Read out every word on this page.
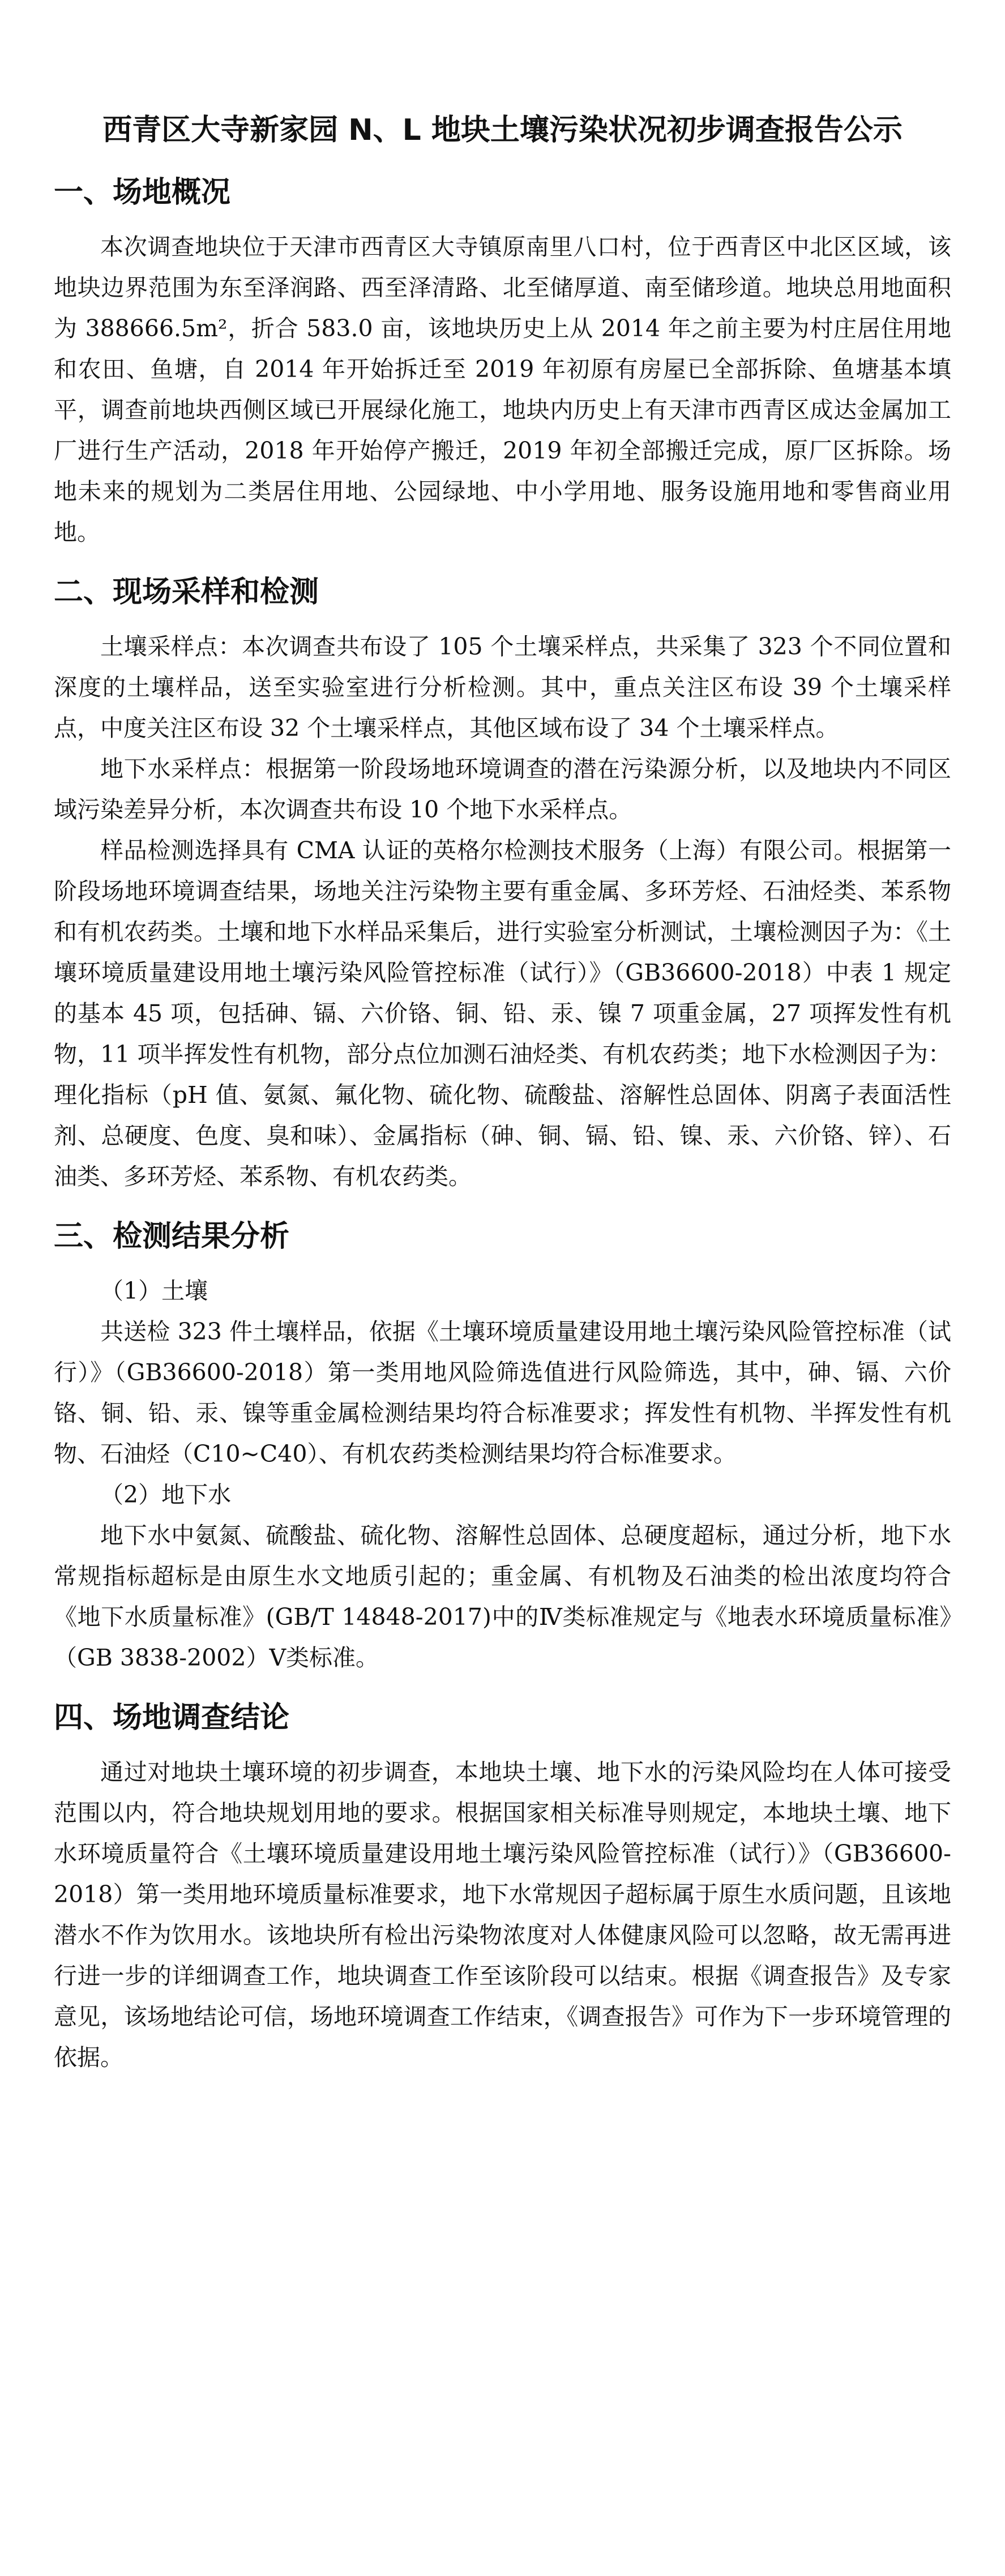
西青区大寺新家园 N、L 地块土壤污染状况初步调查报告公示
一、场地概况

本次调查地块位于天津市西青区大寺镇原南里八口村，位于西青区中北区区域，该地块边界范围为东至泽润路、西至泽清路、北至储厚道、南至储珍道。地块总用地面积为 388666.5m²，折合 583.0 亩，该地块历史上从 2014 年之前主要为村庄居住用地和农田、鱼塘，自 2014 年开始拆迁至 2019 年初原有房屋已全部拆除、鱼塘基本填平，调查前地块西侧区域已开展绿化施工，地块内历史上有天津市西青区成达金属加工厂进行生产活动，2018 年开始停产搬迁，2019 年初全部搬迁完成，原厂区拆除。场地未来的规划为二类居住用地、公园绿地、中小学用地、服务设施用地和零售商业用地。

二、现场采样和检测

土壤采样点：本次调查共布设了 105 个土壤采样点，共采集了 323 个不同位置和深度的土壤样品，送至实验室进行分析检测。其中，重点关注区布设 39 个土壤采样点，中度关注区布设 32 个土壤采样点，其他区域布设了 34 个土壤采样点。

地下水采样点：根据第一阶段场地环境调查的潜在污染源分析，以及地块内不同区域污染差异分析，本次调查共布设 10 个地下水采样点。

样品检测选择具有 CMA 认证的英格尔检测技术服务（上海）有限公司。根据第一阶段场地环境调查结果，场地关注污染物主要有重金属、多环芳烃、石油烃类、苯系物和有机农药类。土壤和地下水样品采集后，进行实验室分析测试，土壤检测因子为：《土壤环境质量建设用地土壤污染风险管控标准（试行）》（GB36600-2018）中表 1 规定的基本 45 项，包括砷、镉、六价铬、铜、铅、汞、镍 7 项重金属，27 项挥发性有机物，11 项半挥发性有机物，部分点位加测石油烃类、有机农药类；地下水检测因子为：理化指标（pH 值、氨氮、氟化物、硫化物、硫酸盐、溶解性总固体、阴离子表面活性剂、总硬度、色度、臭和味）、金属指标（砷、铜、镉、铅、镍、汞、六价铬、锌）、石油类、多环芳烃、苯系物、有机农药类。

三、检测结果分析

（1）土壤

共送检 323 件土壤样品，依据《土壤环境质量建设用地土壤污染风险管控标准（试行）》（GB36600-2018）第一类用地风险筛选值进行风险筛选，其中，砷、镉、六价铬、铜、铅、汞、镍等重金属检测结果均符合标准要求；挥发性有机物、半挥发性有机物、石油烃（C10~C40）、有机农药类检测结果均符合标准要求。

（2）地下水

地下水中氨氮、硫酸盐、硫化物、溶解性总固体、总硬度超标，通过分析，地下水常规指标超标是由原生水文地质引起的；重金属、有机物及石油类的检出浓度均符合《地下水质量标准》(GB/T 14848-2017)中的Ⅳ类标准规定与《地表水环境质量标准》（GB 3838-2002）Ⅴ类标准。

四、场地调查结论

通过对地块土壤环境的初步调查，本地块土壤、地下水的污染风险均在人体可接受范围以内，符合地块规划用地的要求。根据国家相关标准导则规定，本地块土壤、地下水环境质量符合《土壤环境质量建设用地土壤污染风险管控标准（试行）》（GB36600-2018）第一类用地环境质量标准要求，地下水常规因子超标属于原生水质问题，且该地潜水不作为饮用水。该地块所有检出污染物浓度对人体健康风险可以忽略，故无需再进行进一步的详细调查工作，地块调查工作至该阶段可以结束。根据《调查报告》及专家意见，该场地结论可信，场地环境调查工作结束，《调查报告》可作为下一步环境管理的依据。
